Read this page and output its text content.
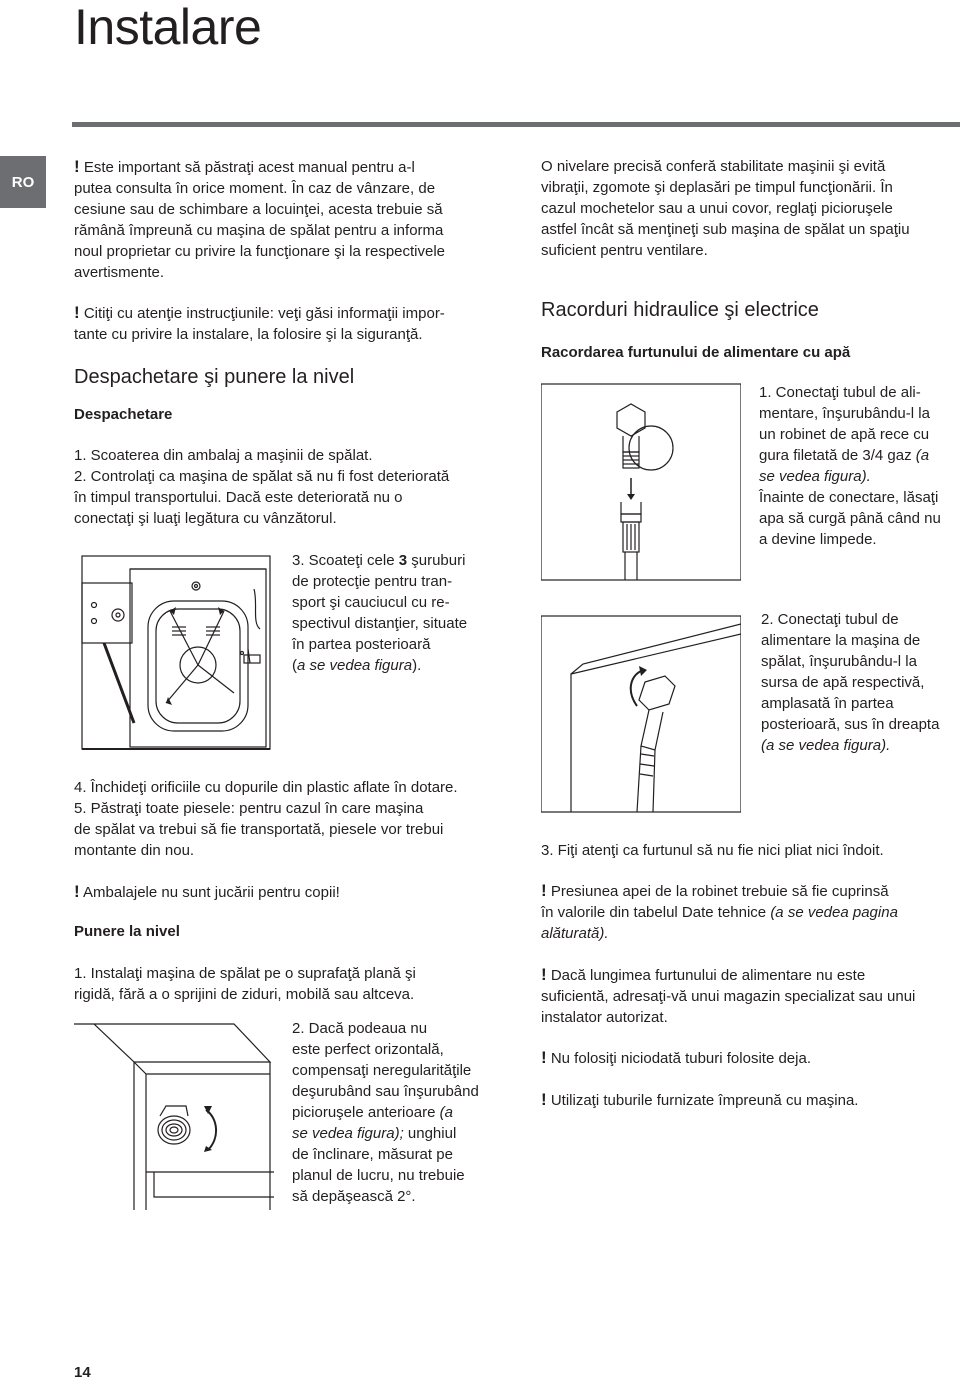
Instalare
RO

! Este important să păstraţi acest manual pentru a-l

putea consulta în orice moment. În caz de vânzare, de

cesiune sau de schimbare a locuinţei, acesta trebuie să

rămână împreună cu maşina de spălat pentru a informa

noul proprietar cu privire la funcţionare şi la respectivele

avertismente.

! Citiţi cu atenţie instrucţiunile: veţi găsi informaţii impor-

tante cu privire la instalare, la folosire şi la siguranţă.

Despachetare şi punere la nivel
Despachetare

1. Scoaterea din ambalaj a maşinii de spălat.

2. Controlaţi ca maşina de spălat să nu fi fost deteriorată

în timpul transportului. Dacă este deteriorată nu o

conectaţi şi luaţi legătura cu vânzătorul.

3. Scoateţi cele 3 şuruburi

de protecţie pentru tran-

sport şi cauciucul cu re-

spectivul distanţier, situate

în partea posterioară

(a se vedea figura).

4. Închideţi orificiile cu dopurile din plastic aflate în dotare.

5. Păstraţi toate piesele: pentru cazul în care maşina

de spălat va trebui să fie transportată, piesele vor trebui

montante din nou.

! Ambalajele nu sunt jucării pentru copii!

Punere la nivel

1. Instalaţi maşina de spălat pe o suprafaţă plană şi

rigidă, fără a o sprijini de ziduri, mobilă sau altceva.

2. Dacă podeaua nu

este perfect orizontală,

compensaţi neregularităţile

deşurubând sau înşurubând

picioruşele anterioare (a

se vedea figura); unghiul

de înclinare, măsurat pe

planul de lucru, nu trebuie

să depăşească 2°.

O nivelare precisă conferă stabilitate maşinii şi evită

vibraţii, zgomote şi deplasări pe timpul funcţionării. În

cazul mochetelor sau a unui covor, reglaţi picioruşele

astfel încât să menţineţi sub maşina de spălat un spaţiu

suficient pentru ventilare.

Racorduri hidraulice şi electrice
Racordarea furtunului de alimentare cu apă

1. Conectaţi tubul de ali-

mentare, înşurubându-l la

un robinet de apă rece cu

gura filetată de 3/4 gaz (a

se vedea figura).

Înainte de conectare, lăsaţi

apa să curgă până când nu

a devine limpede.

2. Conectaţi tubul de

alimentare la maşina de

spălat, înşurubându-l la

sursa de apă respectivă,

amplasată în partea

posterioară, sus în dreapta

(a se vedea figura).

3. Fiţi atenţi ca furtunul să nu fie nici pliat nici îndoit.

! Presiunea apei de la robinet trebuie să fie cuprinsă

în valorile din tabelul Date tehnice (a se vedea pagina

alăturată).

! Dacă lungimea furtunului de alimentare nu este

suficientă, adresaţi-vă unui magazin specializat sau unui

instalator autorizat.

! Nu folosiţi niciodată tuburi folosite deja.

! Utilizaţi tuburile furnizate împreună cu maşina.

14
